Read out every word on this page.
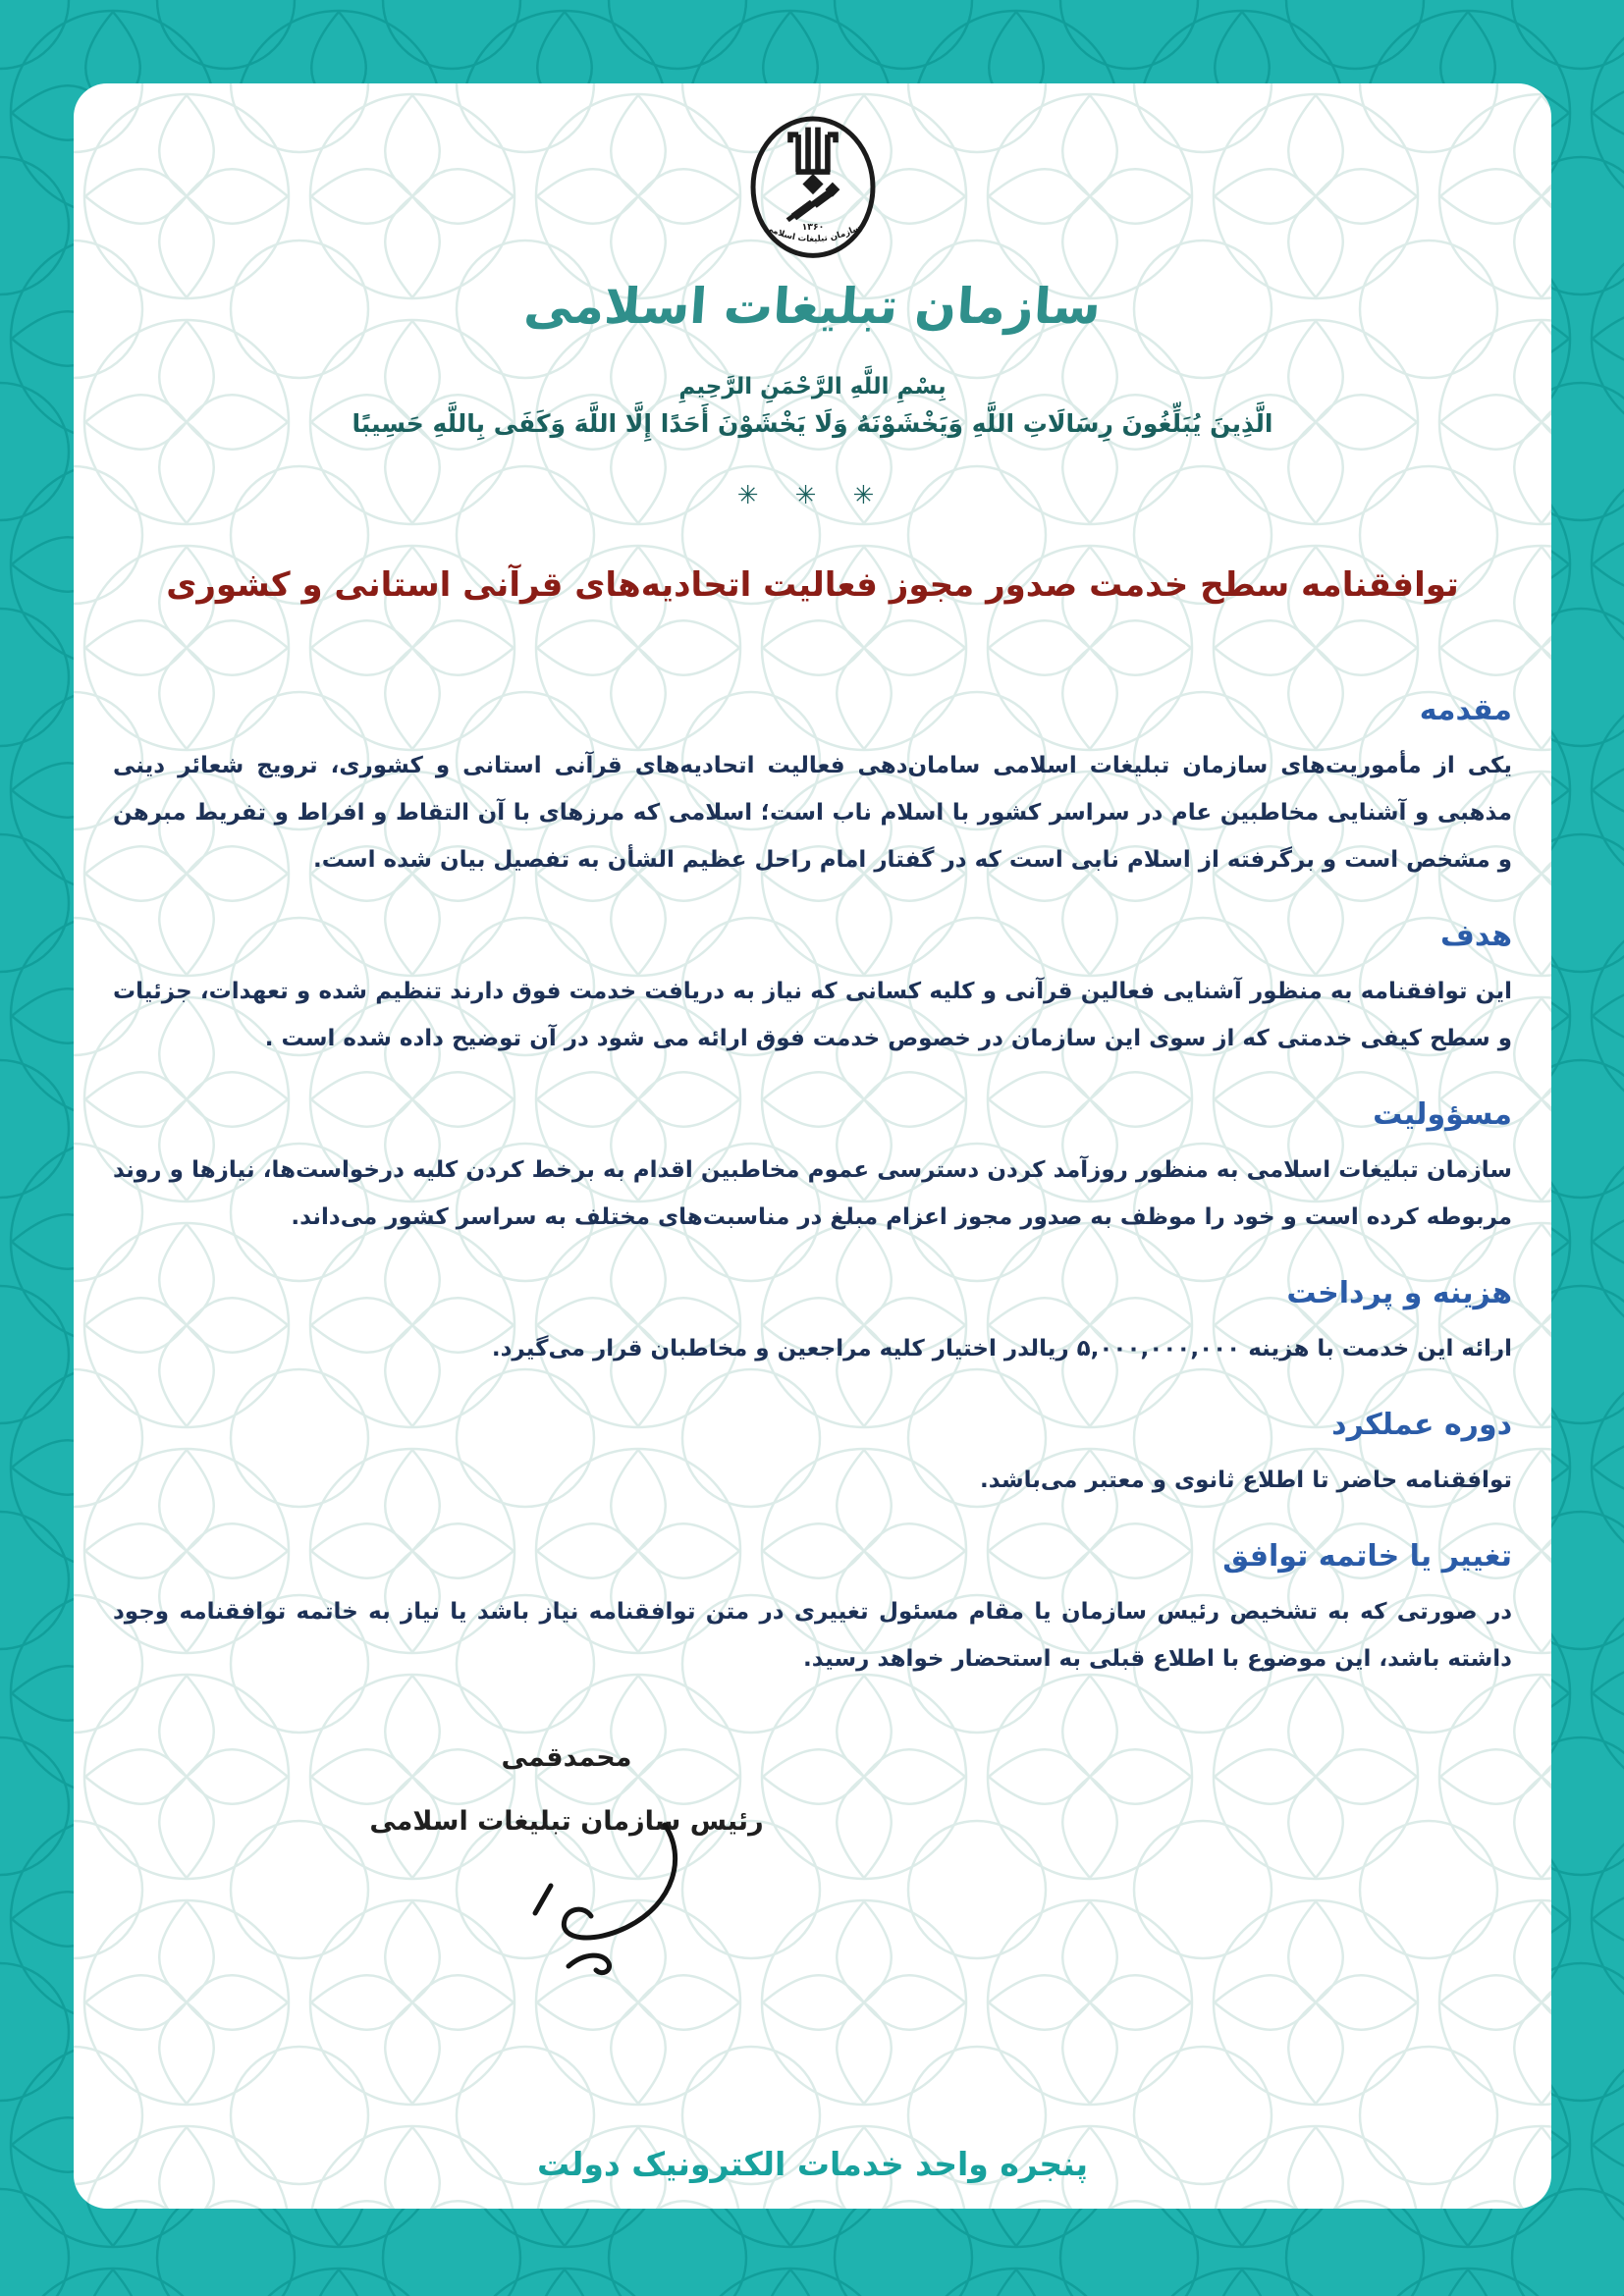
۱۳۶۰
سازمان تبلیغات اسلامی
سازمان تبلیغات اسلامی
بِسْمِ اللَّهِ الرَّحْمَنِ الرَّحِيمِ
الَّذِينَ يُبَلِّغُونَ رِسَالَاتِ اللَّهِ وَيَخْشَوْنَهُ وَلَا يَخْشَوْنَ أَحَدًا إِلَّا اللَّهَ وَكَفَى بِاللَّهِ حَسِيبًا
✳ ✳ ✳
توافقنامه سطح خدمت صدور مجوز فعالیت اتحادیه‌های قرآنی استانی و کشوری
مقدمه

یکی از مأموریت‌های سازمان تبلیغات اسلامی سامان‌دهی فعالیت اتحادیه‌های قرآنی استانی و کشوری، ترویج شعائر دینی مذهبی و آشنایی مخاطبین عام در سراسر کشور با اسلام ناب است؛ اسلامی که مرزهای با آن التقاط و افراط و تفریط مبرهن و مشخص است و برگرفته از اسلام نابی است که در گفتار امام راحل عظیم الشأن به تفصیل بیان شده است.

هدف

این توافقنامه به منظور آشنایی فعالین قرآنی و کلیه کسانی که نیاز به دریافت خدمت فوق دارند تنظیم شده و تعهدات، جزئیات و سطح کیفی خدمتی که از سوی این سازمان در خصوص خدمت فوق ارائه می شود در آن توضیح داده شده است .

مسؤولیت

سازمان تبلیغات اسلامی به منظور روزآمد کردن دسترسی عموم مخاطبین اقدام به برخط کردن کلیه درخواست‌ها، نیازها و روند مربوطه کرده است و خود را موظف به صدور مجوز اعزام مبلغ در مناسبت‌های مختلف به سراسر کشور می‌داند.

هزینه و پرداخت

ارائه این خدمت با هزینه ۵,۰۰۰,۰۰۰,۰۰۰ ریالدر اختیار کلیه مراجعین و مخاطبان قرار می‌گیرد.

دوره عملکرد

توافقنامه حاضر تا اطلاع ثانوی و معتبر می‌باشد.

تغییر یا خاتمه توافق

در صورتی که به تشخیص رئیس سازمان یا مقام مسئول تغییری در متن توافقنامه نیاز باشد یا نیاز به خاتمه توافقنامه وجود داشته باشد، این موضوع با اطلاع قبلی به استحضار خواهد رسید.

محمدقمی
رئیس سازمان تبلیغات اسلامی
پنجره واحد خدمات الکترونیک دولت
